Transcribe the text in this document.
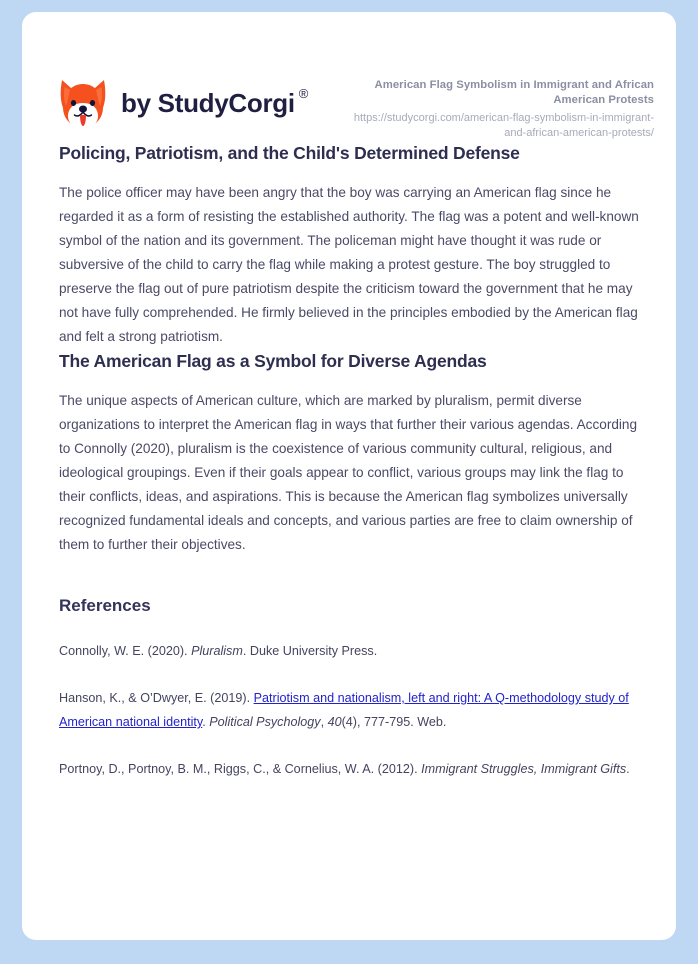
by StudyCorgi ®
American Flag Symbolism in Immigrant and African American Protests
https://studycorgi.com/american-flag-symbolism-in-immigrant-and-african-american-protests/
Policing, Patriotism, and the Child's Determined Defense

The police officer may have been angry that the boy was carrying an American flag since he regarded it as a form of resisting the established authority. The flag was a potent and well-known symbol of the nation and its government. The policeman might have thought it was rude or subversive of the child to carry the flag while making a protest gesture. The boy struggled to preserve the flag out of pure patriotism despite the criticism toward the government that he may not have fully comprehended. He firmly believed in the principles embodied by the American flag and felt a strong patriotism.

The American Flag as a Symbol for Diverse Agendas

The unique aspects of American culture, which are marked by pluralism, permit diverse organizations to interpret the American flag in ways that further their various agendas. According to Connolly (2020), pluralism is the coexistence of various community cultural, religious, and ideological groupings. Even if their goals appear to conflict, various groups may link the flag to their conflicts, ideas, and aspirations. This is because the American flag symbolizes universally recognized fundamental ideals and concepts, and various parties are free to claim ownership of them to further their objectives.

References

Connolly, W. E. (2020). Pluralism. Duke University Press.

Hanson, K., & O’Dwyer, E. (2019). Patriotism and nationalism, left and right: A Q-methodology study of American national identity. Political Psychology, 40(4), 777-795. Web.

Portnoy, D., Portnoy, B. M., Riggs, C., & Cornelius, W. A. (2012). Immigrant Struggles, Immigrant Gifts.
